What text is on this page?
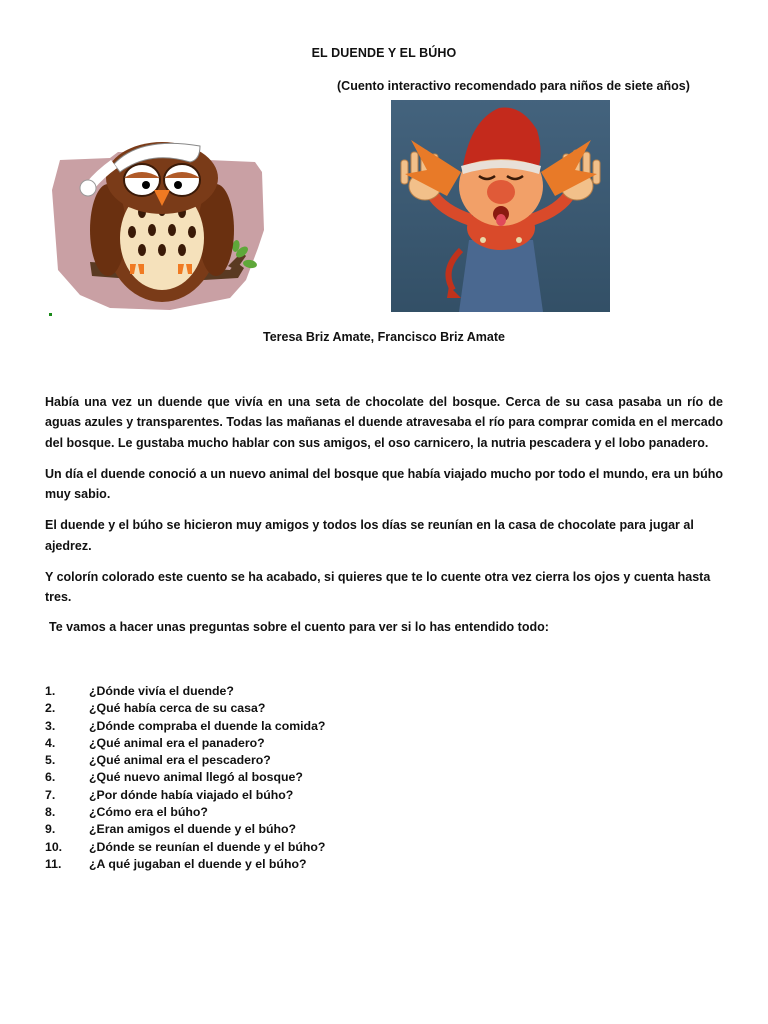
EL DUENDE Y EL BÚHO
(Cuento interactivo recomendado para niños de siete años)
Teresa Briz Amate, Francisco Briz Amate

Había una vez un duende que vivía en una seta de chocolate del bosque. Cerca de su casa pasaba un río de aguas azules y transparentes. Todas las mañanas el duende atravesaba el río para comprar comida en el mercado del bosque. Le gustaba mucho hablar con sus amigos, el oso carnicero, la nutria pescadera y el lobo panadero.

Un día el duende conoció a un nuevo animal del bosque que había viajado mucho por todo el mundo, era un búho muy sabio.

El duende y el búho se hicieron muy amigos y todos los días se reunían en la casa de chocolate para jugar al ajedrez.

Y colorín colorado este cuento se ha acabado, si quieres que te lo cuente otra vez cierra los ojos y cuenta hasta tres.

Te vamos a hacer unas preguntas sobre el cuento para ver si lo has entendido todo:
1.	¿Dónde vivía el duende?
2.	¿Qué había cerca de su casa?
3.	¿Dónde compraba el duende la comida?
4.	¿Qué animal era el panadero?
5.	¿Qué animal era el pescadero?
6.	¿Qué nuevo animal llegó al bosque?
7.	¿Por dónde había viajado el búho?
8.	¿Cómo era el búho?
9.	¿Eran amigos el duende y el búho?
10. ¿Dónde se reunían el duende y el búho?
11. ¿A qué jugaban el duende y el búho?
